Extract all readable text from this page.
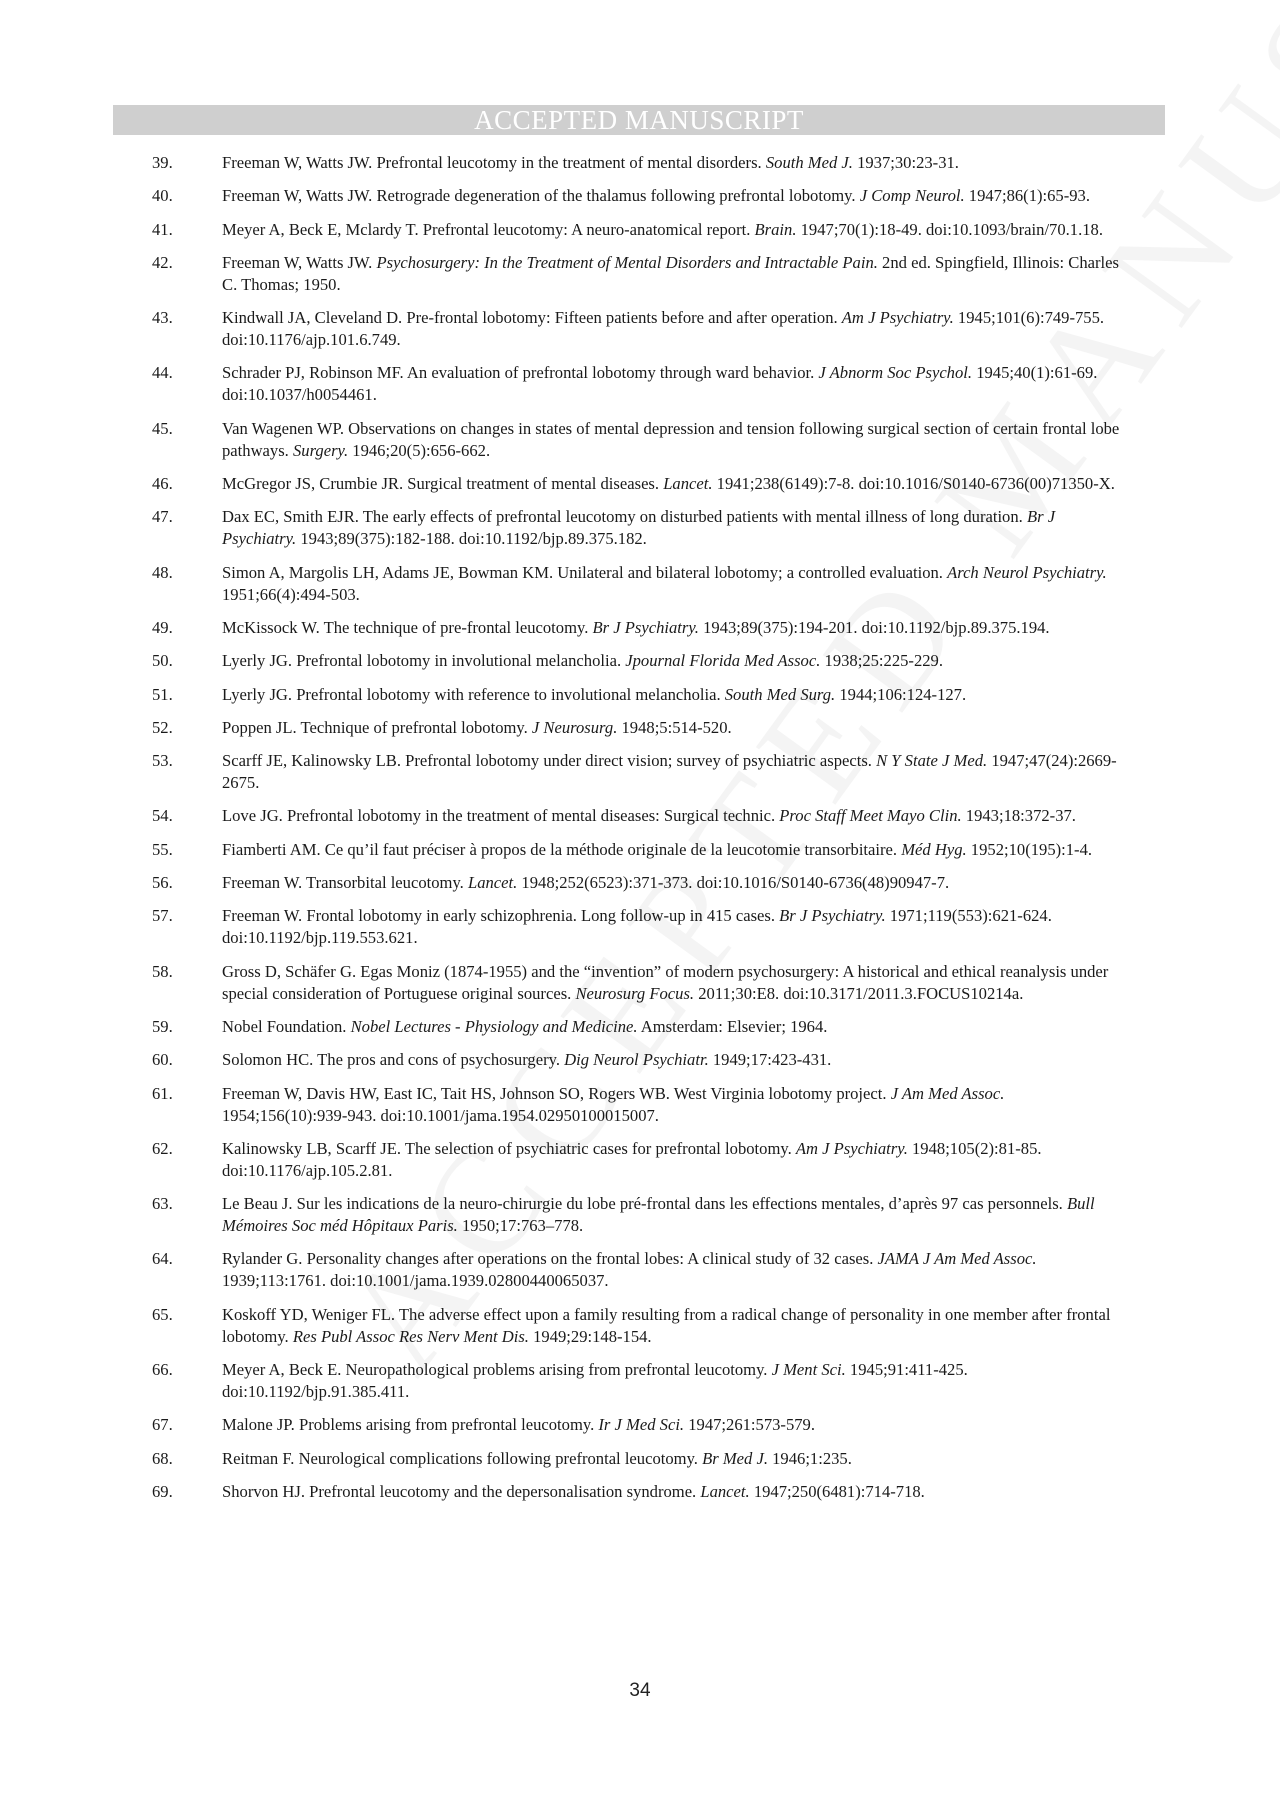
ACCEPTED MANUSCRIPT
39.	Freeman W, Watts JW. Prefrontal leucotomy in the treatment of mental disorders. South Med J. 1937;30:23-31.
40.	Freeman W, Watts JW. Retrograde degeneration of the thalamus following prefrontal lobotomy. J Comp Neurol. 1947;86(1):65-93.
41.	Meyer A, Beck E, Mclardy T. Prefrontal leucotomy: A neuro-anatomical report. Brain. 1947;70(1):18-49. doi:10.1093/brain/70.1.18.
42.	Freeman W, Watts JW. Psychosurgery: In the Treatment of Mental Disorders and Intractable Pain. 2nd ed. Spingfield, Illinois: Charles C. Thomas; 1950.
43.	Kindwall JA, Cleveland D. Pre-frontal lobotomy: Fifteen patients before and after operation. Am J Psychiatry. 1945;101(6):749-755. doi:10.1176/ajp.101.6.749.
44.	Schrader PJ, Robinson MF. An evaluation of prefrontal lobotomy through ward behavior. J Abnorm Soc Psychol. 1945;40(1):61-69. doi:10.1037/h0054461.
45.	Van Wagenen WP. Observations on changes in states of mental depression and tension following surgical section of certain frontal lobe pathways. Surgery. 1946;20(5):656-662.
46.	McGregor JS, Crumbie JR. Surgical treatment of mental diseases. Lancet. 1941;238(6149):7-8. doi:10.1016/S0140-6736(00)71350-X.
47.	Dax EC, Smith EJR. The early effects of prefrontal leucotomy on disturbed patients with mental illness of long duration. Br J Psychiatry. 1943;89(375):182-188. doi:10.1192/bjp.89.375.182.
48.	Simon A, Margolis LH, Adams JE, Bowman KM. Unilateral and bilateral lobotomy; a controlled evaluation. Arch Neurol Psychiatry. 1951;66(4):494-503.
49.	McKissock W. The technique of pre-frontal leucotomy. Br J Psychiatry. 1943;89(375):194-201. doi:10.1192/bjp.89.375.194.
50.	Lyerly JG. Prefrontal lobotomy in involutional melancholia. Jpournal Florida Med Assoc. 1938;25:225-229.
51.	Lyerly JG. Prefrontal lobotomy with reference to involutional melancholia. South Med Surg. 1944;106:124-127.
52.	Poppen JL. Technique of prefrontal lobotomy. J Neurosurg. 1948;5:514-520.
53.	Scarff JE, Kalinowsky LB. Prefrontal lobotomy under direct vision; survey of psychiatric aspects. N Y State J Med. 1947;47(24):2669-2675.
54.	Love JG. Prefrontal lobotomy in the treatment of mental diseases: Surgical technic. Proc Staff Meet Mayo Clin. 1943;18:372-37.
55.	Fiamberti AM. Ce qu’il faut préciser à propos de la méthode originale de la leucotomie transorbitaire. Méd Hyg. 1952;10(195):1-4.
56.	Freeman W. Transorbital leucotomy. Lancet. 1948;252(6523):371-373. doi:10.1016/S0140-6736(48)90947-7.
57.	Freeman W. Frontal lobotomy in early schizophrenia. Long follow-up in 415 cases. Br J Psychiatry. 1971;119(553):621-624. doi:10.1192/bjp.119.553.621.
58.	Gross D, Schäfer G. Egas Moniz (1874-1955) and the “invention” of modern psychosurgery: A historical and ethical reanalysis under special consideration of Portuguese original sources. Neurosurg Focus. 2011;30:E8. doi:10.3171/2011.3.FOCUS10214a.
59.	Nobel Foundation. Nobel Lectures - Physiology and Medicine. Amsterdam: Elsevier; 1964.
60.	Solomon HC. The pros and cons of psychosurgery. Dig Neurol Psychiatr. 1949;17:423-431.
61.	Freeman W, Davis HW, East IC, Tait HS, Johnson SO, Rogers WB. West Virginia lobotomy project. J Am Med Assoc. 1954;156(10):939-943. doi:10.1001/jama.1954.02950100015007.
62.	Kalinowsky LB, Scarff JE. The selection of psychiatric cases for prefrontal lobotomy. Am J Psychiatry. 1948;105(2):81-85. doi:10.1176/ajp.105.2.81.
63.	Le Beau J. Sur les indications de la neuro-chirurgie du lobe pré-frontal dans les effections mentales, d’après 97 cas personnels. Bull Mémoires Soc méd Hôpitaux Paris. 1950;17:763–778.
64.	Rylander G. Personality changes after operations on the frontal lobes: A clinical study of 32 cases. JAMA J Am Med Assoc. 1939;113:1761. doi:10.1001/jama.1939.02800440065037.
65.	Koskoff YD, Weniger FL. The adverse effect upon a family resulting from a radical change of personality in one member after frontal lobotomy. Res Publ Assoc Res Nerv Ment Dis. 1949;29:148-154.
66.	Meyer A, Beck E. Neuropathological problems arising from prefrontal leucotomy. J Ment Sci. 1945;91:411-425. doi:10.1192/bjp.91.385.411.
67.	Malone JP. Problems arising from prefrontal leucotomy. Ir J Med Sci. 1947;261:573-579.
68.	Reitman F. Neurological complications following prefrontal leucotomy. Br Med J. 1946;1:235.
69.	Shorvon HJ. Prefrontal leucotomy and the depersonalisation syndrome. Lancet. 1947;250(6481):714-718.
34
